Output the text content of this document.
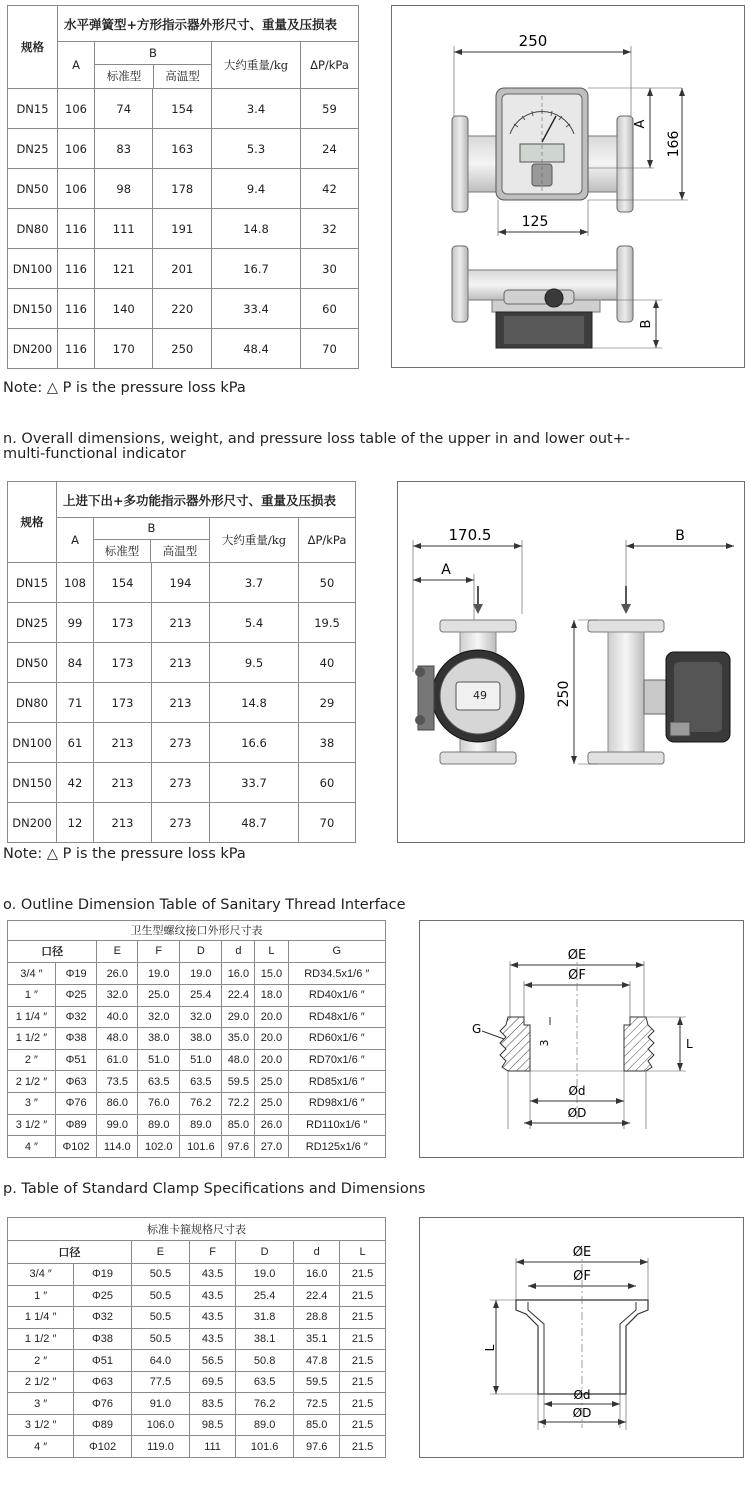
规格	水平弹簧型+方形指示器外形尺寸、重量及压损表				
	A	B
标准型 高温型		大约重量/kg	ΔP/kPa
DN15	106	74	154	3.4	59
DN25	106	83	163	5.3	24
DN50	106	98	178	9.4	42
DN80	116	111	191	14.8	32
DN100	116	121	201	16.7	30
DN150	116	140	220	33.4	60
DN200	116	170	250	48.4	70
250
A
166
125
B
Note: △ P is the pressure loss kPa
n. Overall dimensions, weight, and pressure loss table of the upper in and lower out+-
multi-functional indicator
规格	上进下出+多功能指示器外形尺寸、重量及压损表				
	A	B
标准型 高温型		大约重量/kg	ΔP/kPa
DN15	108	154	194	3.7	50
DN25	99	173	213	5.4	19.5
DN50	84	173	213	9.5	40
DN80	71	173	213	14.8	29
DN100	61	213	273	16.6	38
DN150	42	213	273	33.7	60
DN200	12	213	273	48.7	70
170.5
A
49
B
250
Note: △ P is the pressure loss kPa
o. Outline Dimension Table of Sanitary Thread Interface
卫生型螺纹接口外形尺寸表							
口径		E	F	D	d	L	G
3/4 ″	Φ19	26.0	19.0	19.0	16.0	15.0	RD34.5x1/6 ″
1 ″	Φ25	32.0	25.0	25.4	22.4	18.0	RD40x1/6 ″
1 1/4 ″	Φ32	40.0	32.0	32.0	29.0	20.0	RD48x1/6 ″
1 1/2 ″	Φ38	48.0	38.0	38.0	35.0	20.0	RD60x1/6 ″
2 ″	Φ51	61.0	51.0	51.0	48.0	20.0	RD70x1/6 ″
2 1/2 ″	Φ63	73.5	63.5	63.5	59.5	25.0	RD85x1/6 ″
3 ″	Φ76	86.0	76.0	76.2	72.2	25.0	RD98x1/6 ″
3 1/2 ″	Φ89	99.0	89.0	89.0	85.0	26.0	RD110x1/6 ″
4 ″	Φ102	114.0	102.0	101.6	97.6	27.0	RD125x1/6 ″
ØE
ØF
G
3	L
Ød
ØD
p. Table of Standard Clamp Specifications and Dimensions
标准卡箍规格尺寸表						
口径		E	F	D	d	L
3/4 ″	Φ19	50.5	43.5	19.0	16.0	21.5
1 ″	Φ25	50.5	43.5	25.4	22.4	21.5
1 1/4 ″	Φ32	50.5	43.5	31.8	28.8	21.5
1 1/2 ″	Φ38	50.5	43.5	38.1	35.1	21.5
2 ″	Φ51	64.0	56.5	50.8	47.8	21.5
2 1/2 ″	Φ63	77.5	69.5	63.5	59.5	21.5
3 ″	Φ76	91.0	83.5	76.2	72.5	21.5
3 1/2 ″	Φ89	106.0	98.5	89.0	85.0	21.5
4 ″	Φ102	119.0	111	101.6	97.6	21.5
ØE
ØF
L
Ød
ØD
